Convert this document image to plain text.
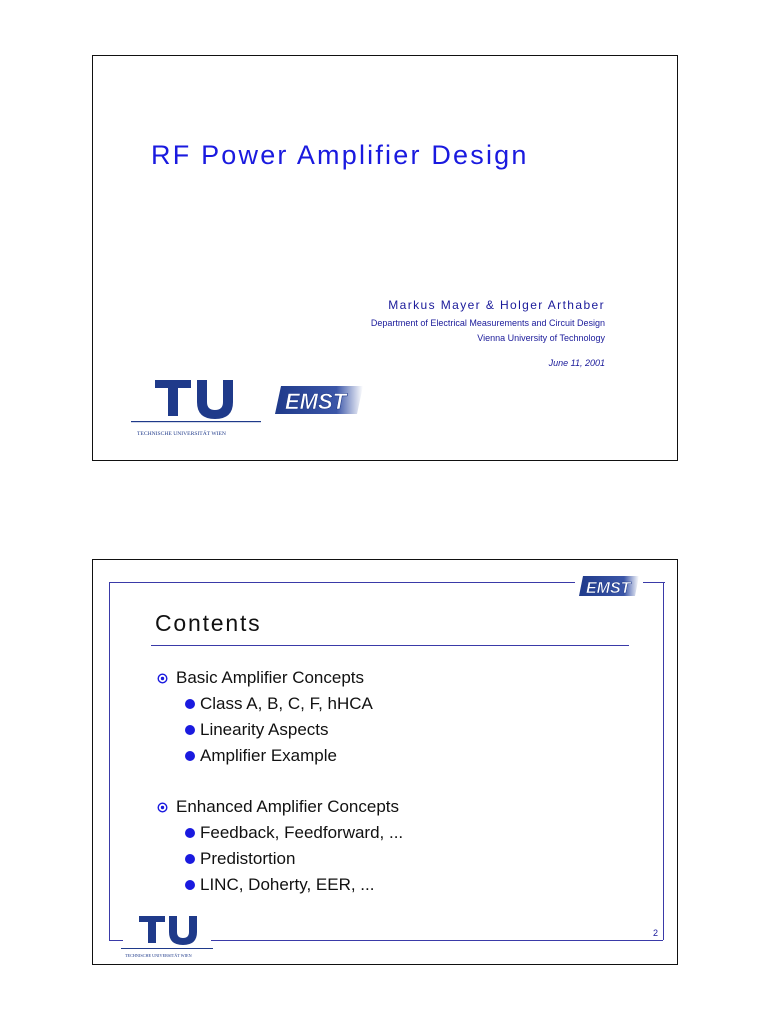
RF Power Amplifier Design
Markus Mayer & Holger Arthaber
Department of Electrical Measurements and Circuit Design
Vienna University of Technology
June 11, 2001
TECHNISCHE UNIVERSITÄT WIEN
EMST
EMST
Contents
Basic Amplifier Concepts
Class A, B, C, F, hHCA
Linearity Aspects
Amplifier Example
Enhanced Amplifier Concepts
Feedback, Feedforward, ...
Predistortion
LINC, Doherty, EER, ...
TECHNISCHE UNIVERSITÄT WIEN
2
